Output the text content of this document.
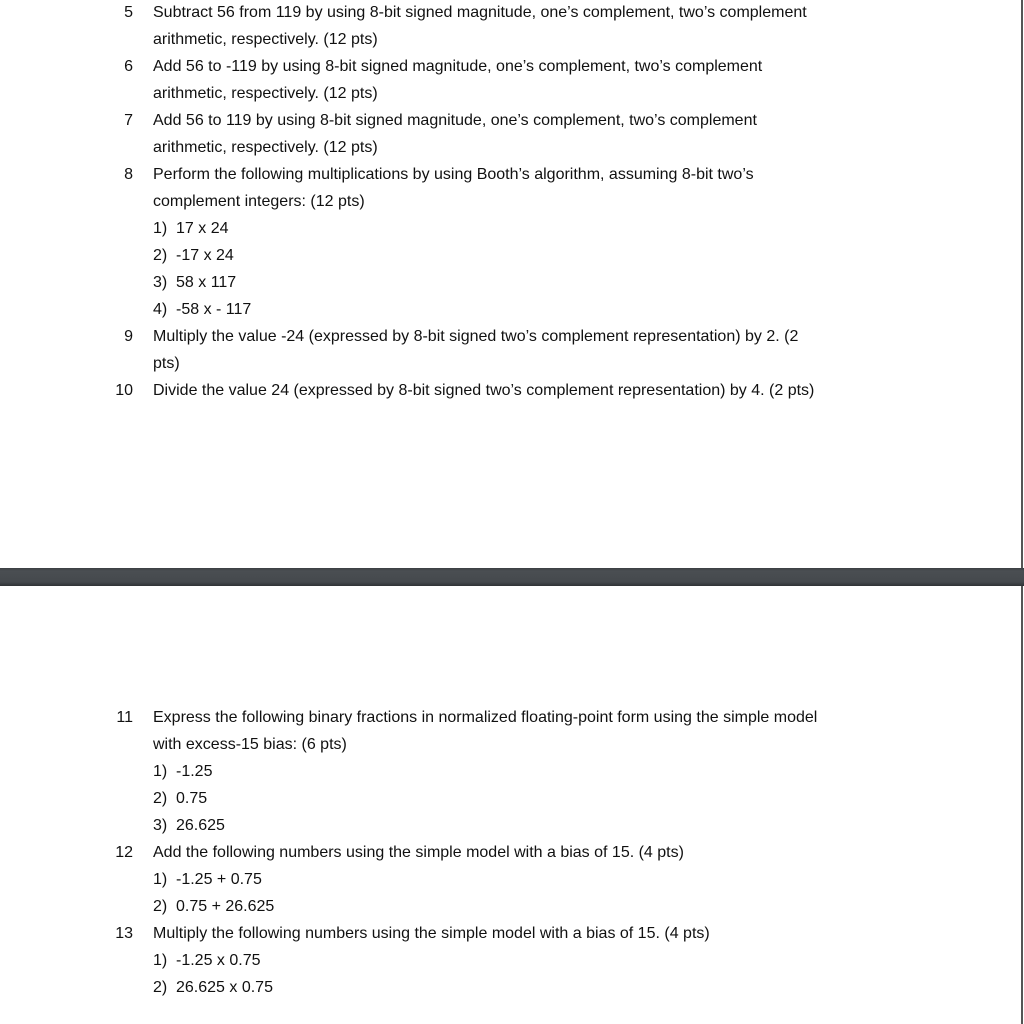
5 Subtract 56 from 119 by using 8-bit signed magnitude, one’s complement, two’s complement
arithmetic, respectively. (12 pts)
6 Add 56 to -119 by using 8-bit signed magnitude, one’s complement, two’s complement
arithmetic, respectively. (12 pts)
7 Add 56 to 119 by using 8-bit signed magnitude, one’s complement, two’s complement
arithmetic, respectively. (12 pts)
8 Perform the following multiplications by using Booth’s algorithm, assuming 8-bit two’s
complement integers: (12 pts)
1) 17 x 24
2) -17 x 24
3) 58 x 117
4) -58 x - 117
9 Multiply the value -24 (expressed by 8-bit signed two’s complement representation) by 2. (2
pts)
10 Divide the value 24 (expressed by 8-bit signed two’s complement representation) by 4. (2 pts)
11 Express the following binary fractions in normalized floating-point form using the simple model
with excess-15 bias: (6 pts)
1) -1.25
2) 0.75
3) 26.625
12 Add the following numbers using the simple model with a bias of 15. (4 pts)
1) -1.25 + 0.75
2) 0.75 + 26.625
13 Multiply the following numbers using the simple model with a bias of 15. (4 pts)
1) -1.25 x 0.75
2) 26.625 x 0.75
